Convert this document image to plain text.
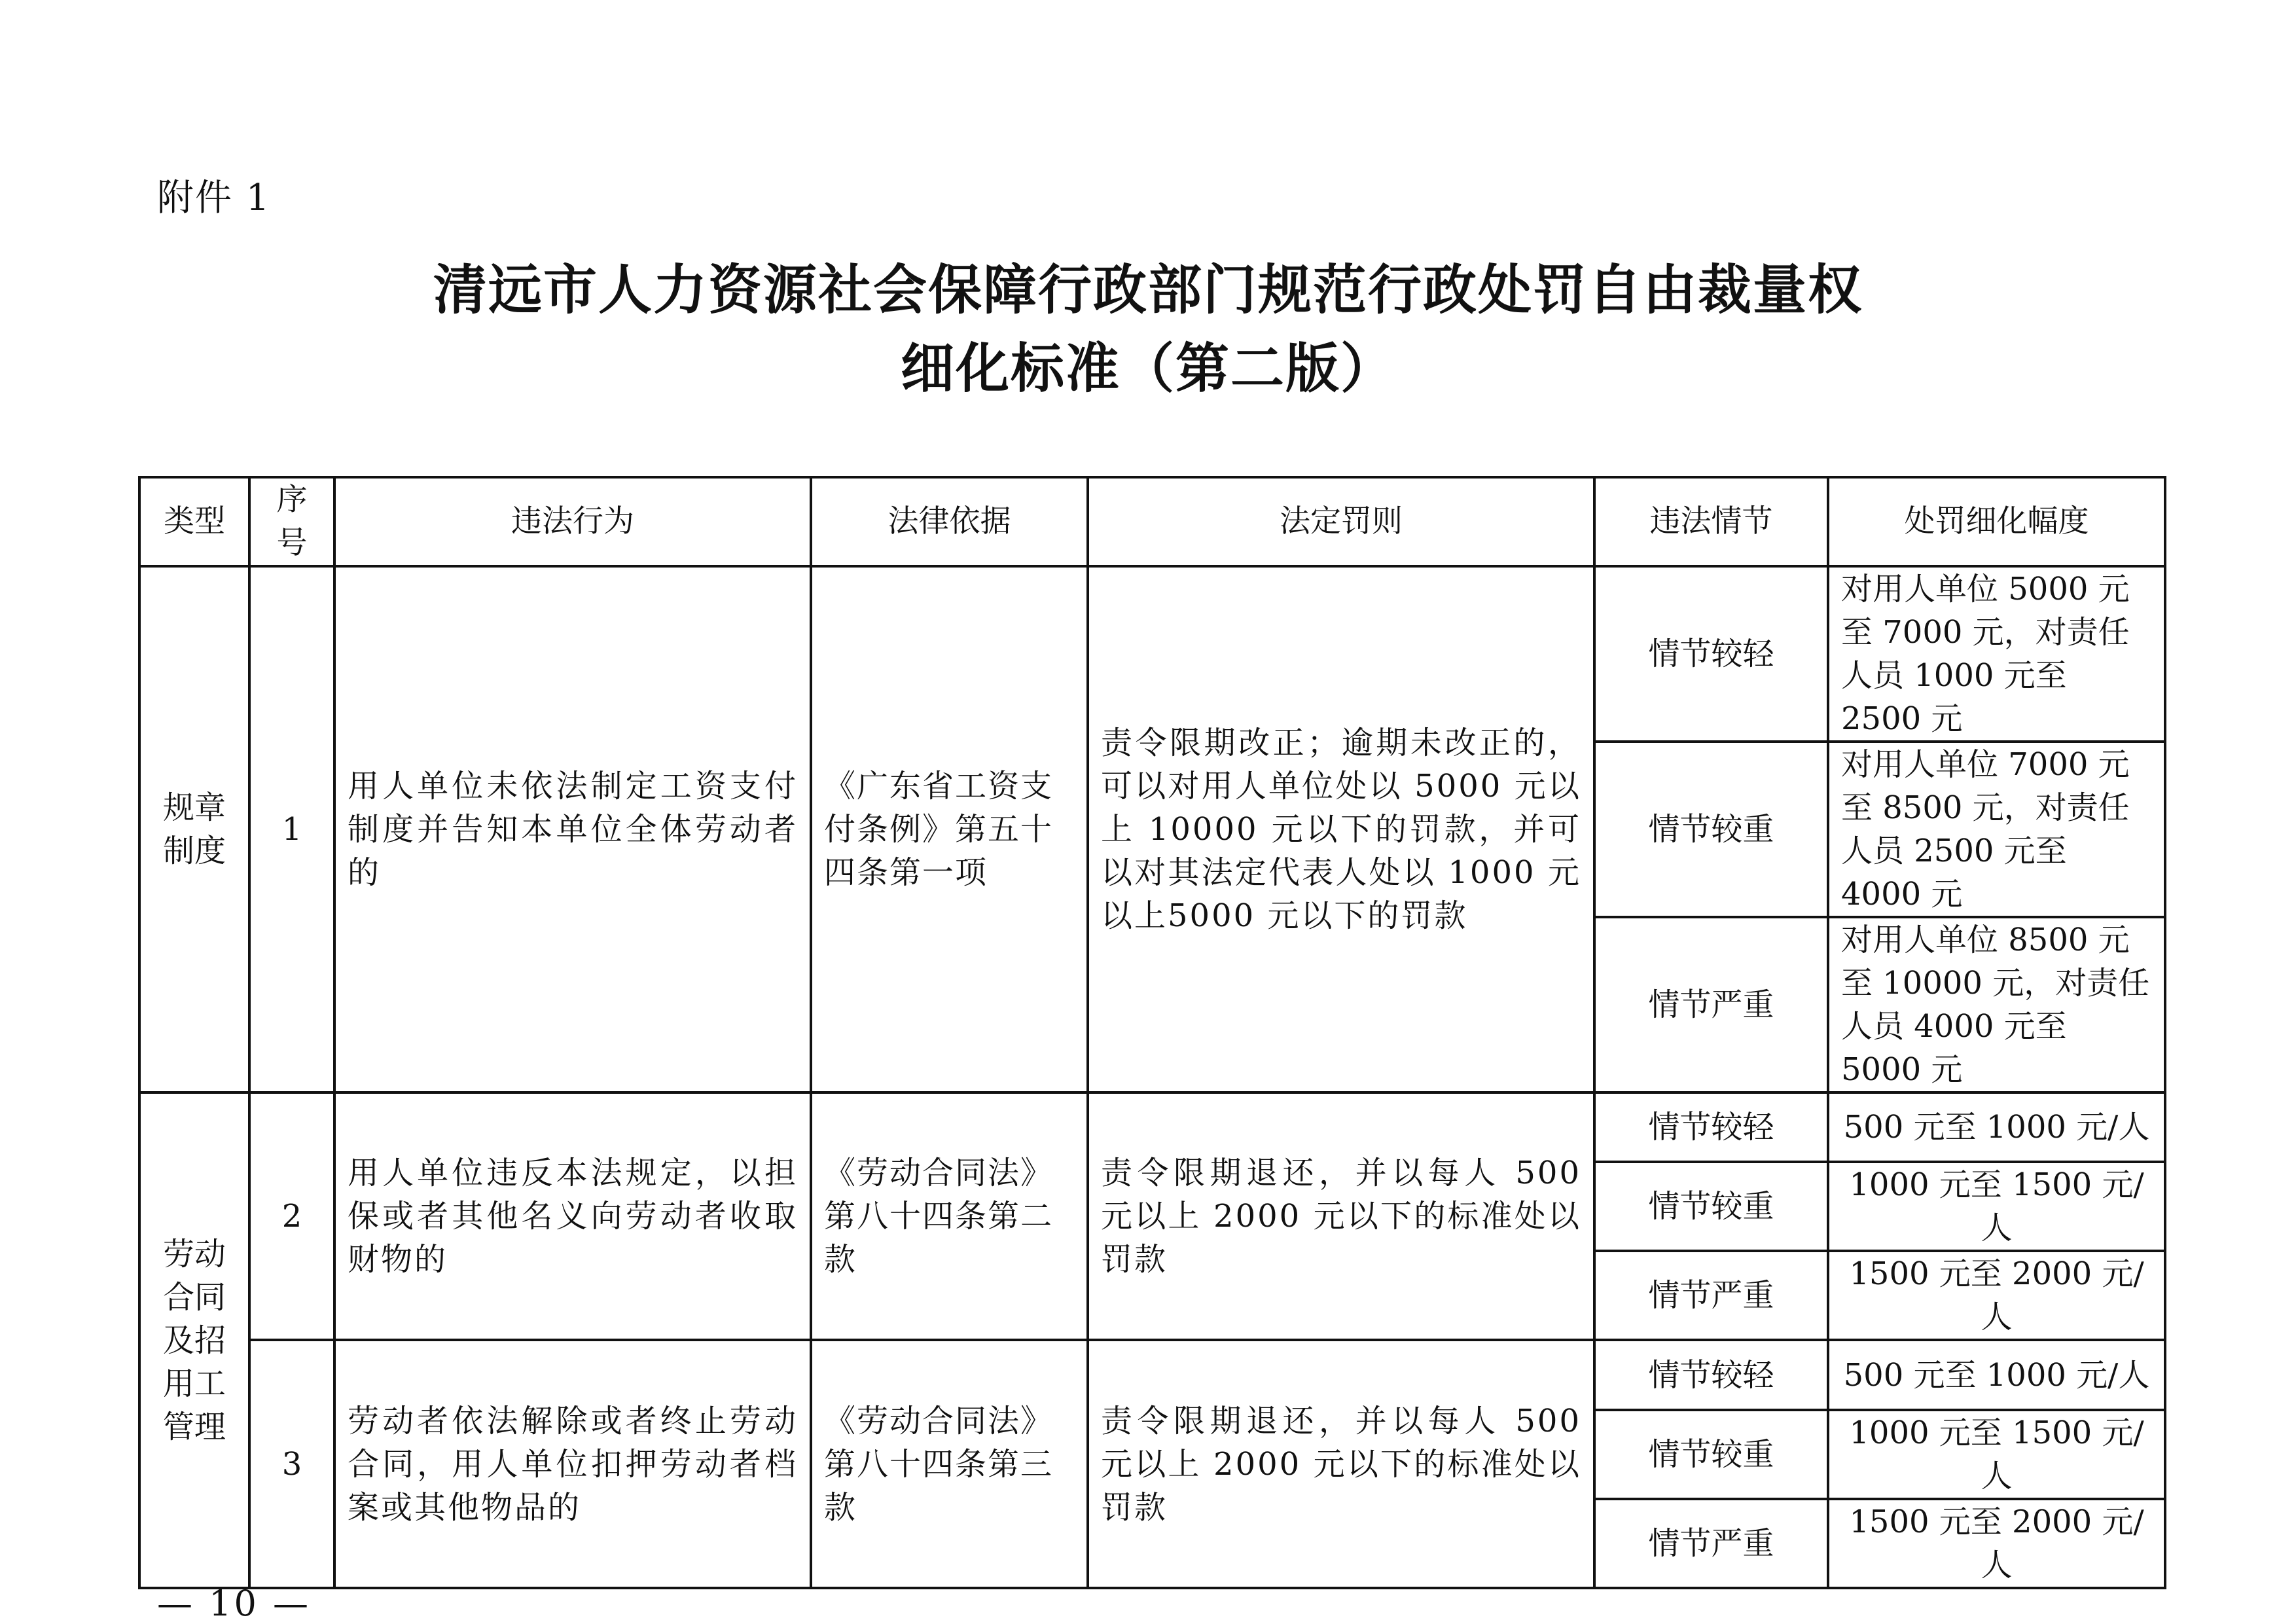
附件 1
清远市人力资源社会保障行政部门规范行政处罚自由裁量权
细化标准（第二版）
类型	序号	违法行为	法律依据	法定罚则	违法情节	处罚细化幅度

规章制度	1	用人单位未依法制定工资支付制度并告知本单位全体劳动者的	《广东省工资支付条例》第五十四条第一项	责令限期改正；逾期未改正的，可以对用人单位处以 5000 元以上 10000 元以下的罚款，并可以对其法定代表人处以 1000 元以上5000 元以下的罚款	情节较轻	对用人单位 5000 元至 7000 元，对责任人员 1000 元至 2500 元
					情节较重	对用人单位 7000 元至 8500 元，对责任人员 2500 元至 4000 元
					情节严重	对用人单位 8500 元至 10000 元，对责任人员 4000 元至 5000 元

劳动合同及招用工管理	2	用人单位违反本法规定，以担保或者其他名义向劳动者收取财物的	《劳动合同法》第八十四条第二款	责令限期退还，并以每人 500 元以上 2000 元以下的标准处以罚款	情节较轻	500 元至 1000 元/人
					情节较重	1000 元至 1500 元/人
					情节严重	1500 元至 2000 元/人
	3	劳动者依法解除或者终止劳动合同，用人单位扣押劳动者档案或其他物品的	《劳动合同法》第八十四条第三款	责令限期退还，并以每人 500 元以上 2000 元以下的标准处以罚款	情节较轻	500 元至 1000 元/人
					情节较重	1000 元至 1500 元/人
					情节严重	1500 元至 2000 元/人
— 10 —
